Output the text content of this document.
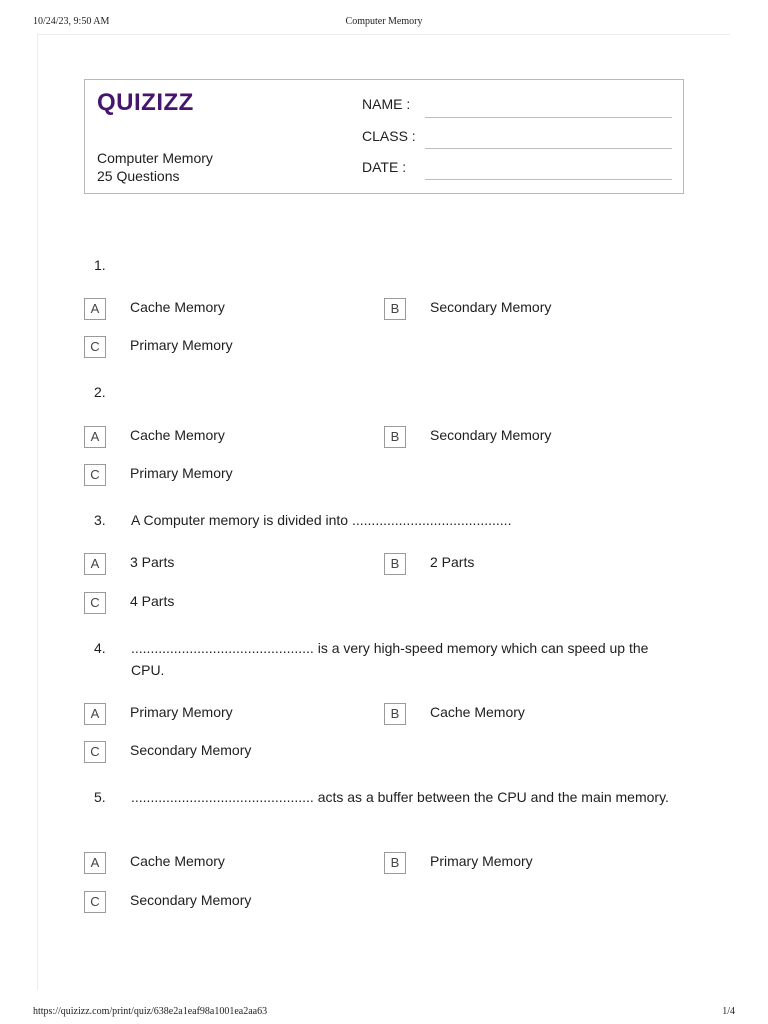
10/24/23, 9:50 AM	Computer Memory
QUIZIZZ
Computer Memory
25 Questions
NAME :
CLASS :
DATE :
1.
A	Cache Memory	B	Secondary Memory
C	Primary Memory
2.
A	Cache Memory	B	Secondary Memory
C	Primary Memory
3.	A Computer memory is divided into .........................................
A	3 Parts	B	2 Parts
C	4 Parts
4.	............................................... is a very high-speed memory which can speed up the CPU.
A	Primary Memory	B	Cache Memory
C	Secondary Memory
5.	............................................... acts as a buffer between the CPU and the main memory.
A	Cache Memory	B	Primary Memory
C	Secondary Memory
https://quizizz.com/print/quiz/638e2a1eaf98a1001ea2aa63	1/4
